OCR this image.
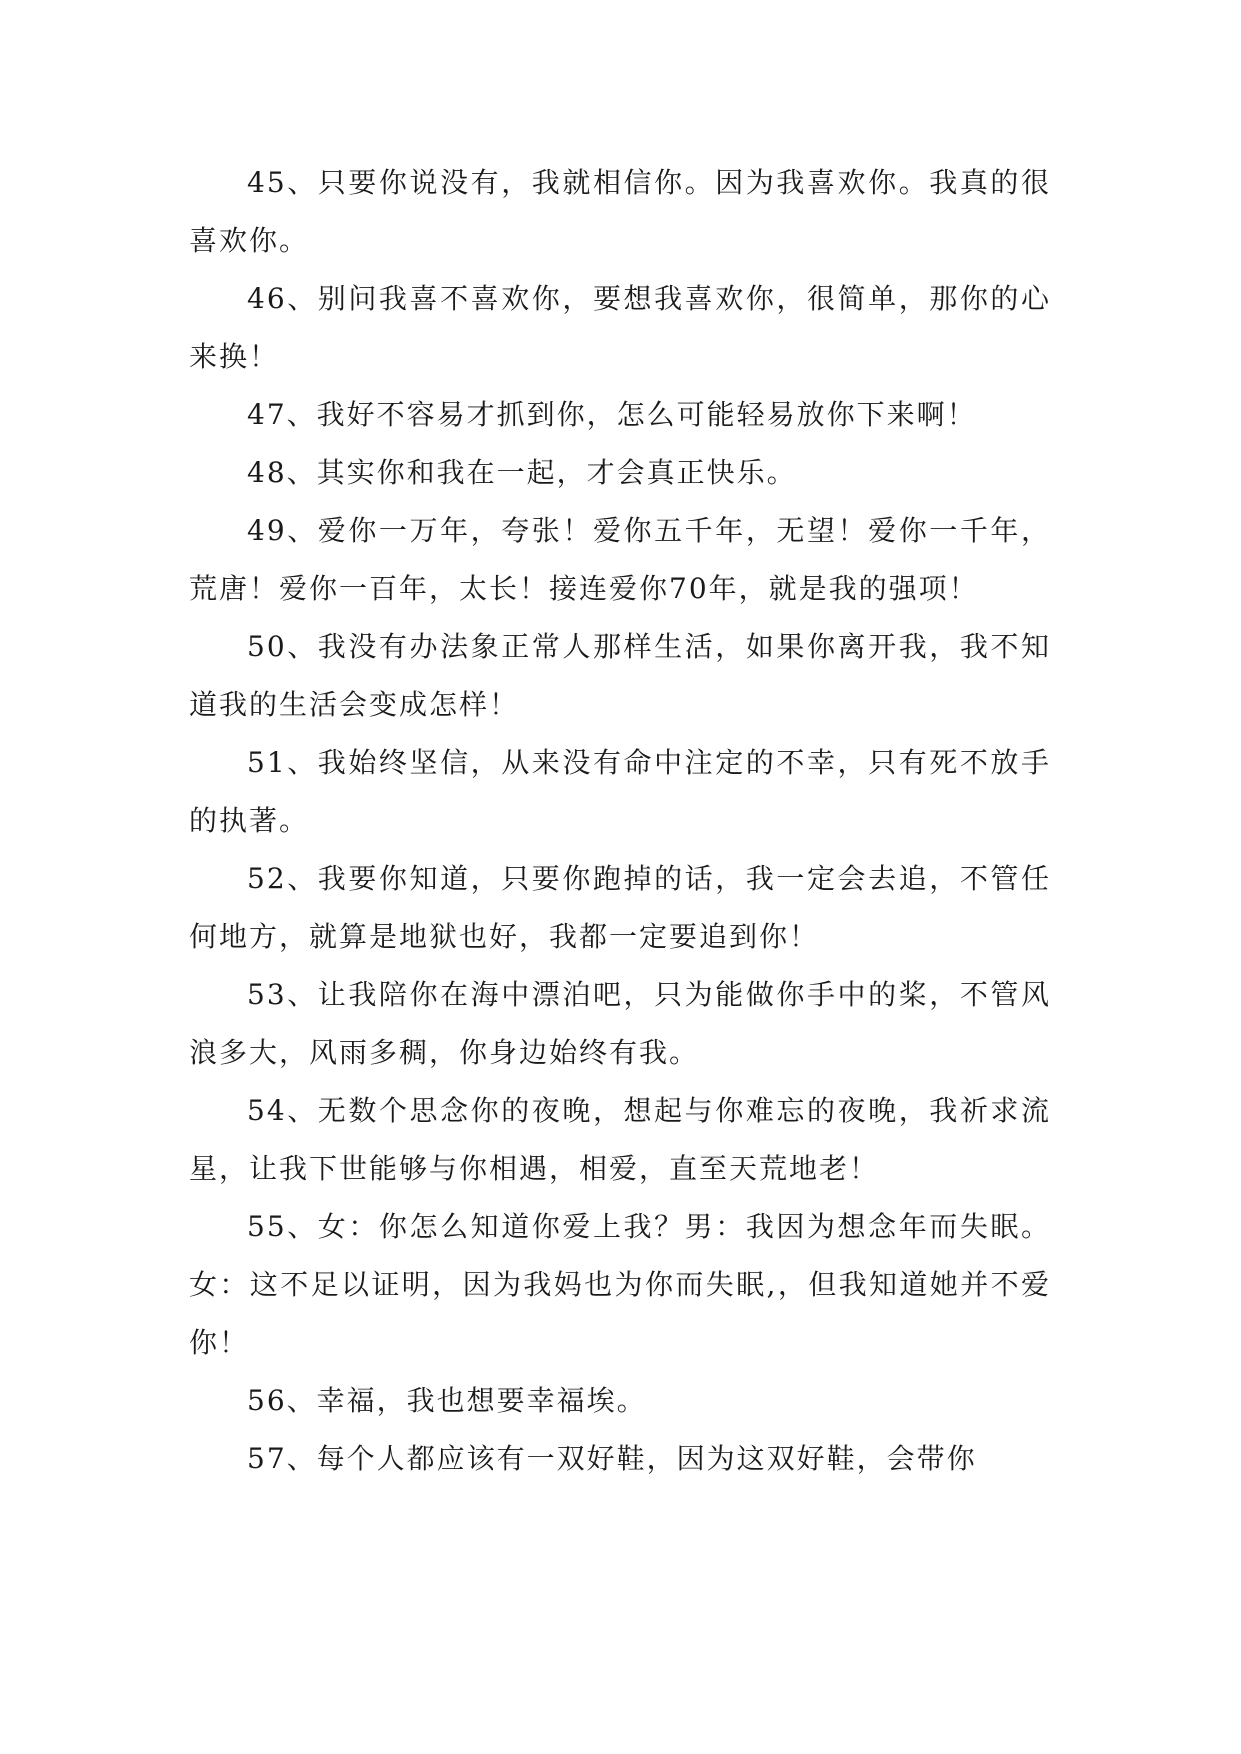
45、只要你说没有，我就相信你。因为我喜欢你。我真的很喜欢你。

46、别问我喜不喜欢你，要想我喜欢你，很简单，那你的心来换！

47、我好不容易才抓到你，怎么可能轻易放你下来啊！

48、其实你和我在一起，才会真正快乐。

49、爱你一万年，夸张！爱你五千年，无望！爱你一千年，荒唐！爱你一百年，太长！接连爱你70年，就是我的强项！

50、我没有办法象正常人那样生活，如果你离开我，我不知道我的生活会变成怎样！

51、我始终坚信，从来没有命中注定的不幸，只有死不放手的执著。

52、我要你知道，只要你跑掉的话，我一定会去追，不管任何地方，就算是地狱也好，我都一定要追到你！

53、让我陪你在海中漂泊吧，只为能做你手中的桨，不管风浪多大，风雨多稠，你身边始终有我。

54、无数个思念你的夜晚，想起与你难忘的夜晚，我祈求流星，让我下世能够与你相遇，相爱，直至天荒地老！

55、女：你怎么知道你爱上我？男：我因为想念年而失眠。女：这不足以证明，因为我妈也为你而失眠,，但我知道她并不爱你！

56、幸福，我也想要幸福埃。

57、每个人都应该有一双好鞋，因为这双好鞋，会带你
